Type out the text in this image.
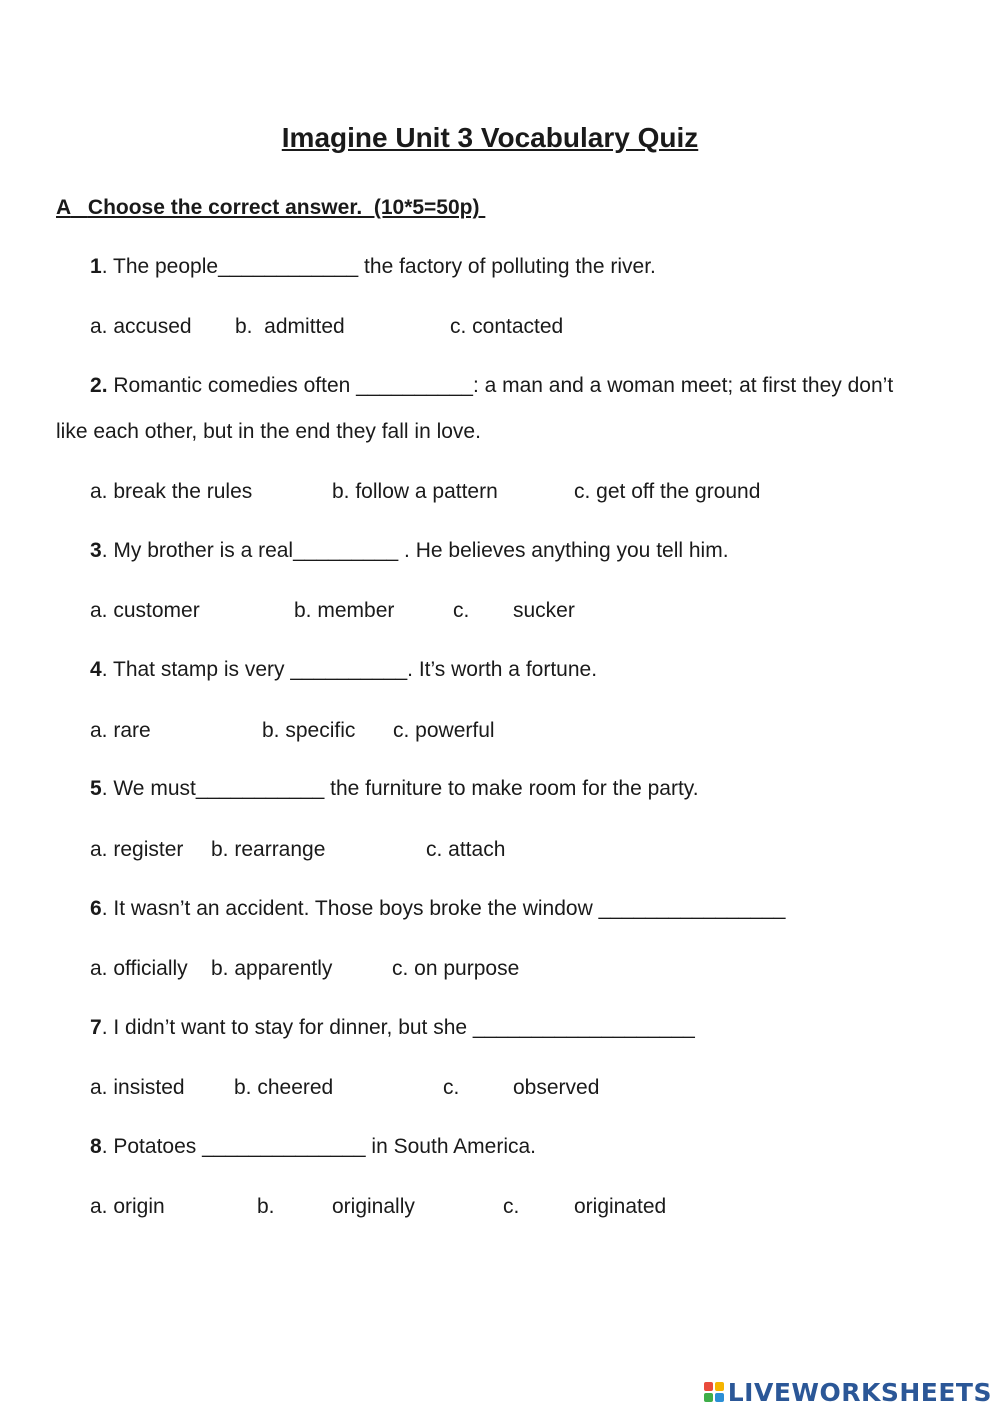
Imagine Unit 3 Vocabulary Quiz
A Choose the correct answer.  (10*5=50p)
1. The people____________ the factory of polluting the river.

a. accused

b.  admitted

	c. contacted

2. Romantic comedies often __________: a man and a woman meet; at first they don’t like each other, but in the end they fall in love.

a. break the rules

	b. follow a pattern

	c. get off the ground

3. My brother is a real_________ . He believes anything you tell him.

a. customer

	b. member

	c.

sucker

4. That stamp is very __________. It’s worth a fortune.

a. rare

	b. specific

c. powerful

5. We must___________ the furniture to make room for the party.

a. register

b. rearrange

	c. attach

6. It wasn’t an accident. Those boys broke the window ________________

a. officially

b. apparently

	c. on purpose

7. I didn’t want to stay for dinner, but she ___________________

a. insisted

b. cheered

	c.

	observed

8. Potatoes ______________ in South America.

a. origin

	b.

	originally

	c.

	originated

LIVEWORKSHEETS
